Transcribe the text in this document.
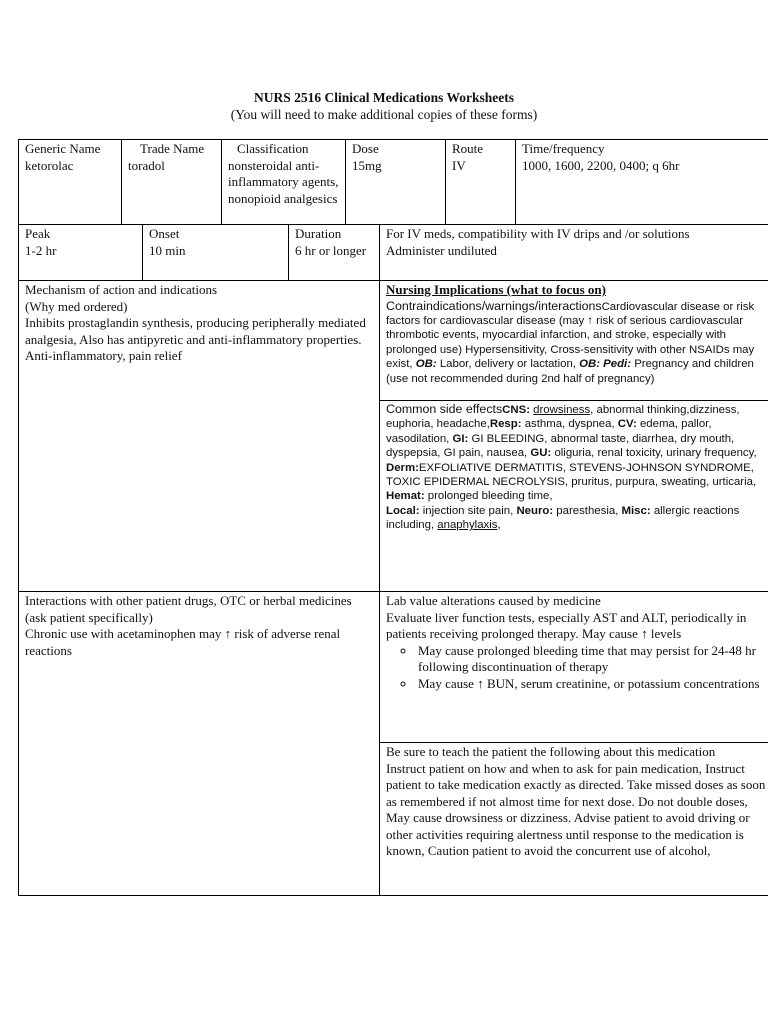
NURS 2516 Clinical Medications Worksheets
(You will need to make additional copies of these forms)
Generic Name
ketorolac
Trade Name
toradol
Classification
nonsteroidal anti-inflammatory agents, nonopioid analgesics
Dose
15mg
Route
IV
Time/frequency
1000, 1600, 2200, 0400; q 6hr
Peak
1-2 hr
Onset
10 min
Duration
6 hr or longer
For IV meds, compatibility with IV drips and /or solutions
Administer undiluted
Mechanism of action and indications
(Why med ordered)
Inhibits prostaglandin synthesis, producing peripherally mediated analgesia, Also has antipyretic and anti-inflammatory properties.
Anti-inflammatory, pain relief
Nursing Implications (what to focus on)
Contraindications/warnings/interactionsCardiovascular disease or risk factors for cardiovascular disease (may ↑ risk of serious cardiovascular thrombotic events, myocardial infarction, and stroke, especially with prolonged use) Hypersensitivity, Cross-sensitivity with other NSAIDs may exist, OB: Labor, delivery or lactation, OB: Pedi: Pregnancy and children (use not recommended during 2nd half of pregnancy)
Common side effectsCNS: drowsiness, abnormal thinking,dizziness, euphoria, headache,Resp: asthma, dyspnea, CV: edema, pallor, vasodilation, GI: GI BLEEDING, abnormal taste, diarrhea, dry mouth, dyspepsia, GI pain, nausea, GU: oliguria, renal toxicity, urinary frequency, Derm:EXFOLIATIVE DERMATITIS, STEVENS-JOHNSON SYNDROME, TOXIC EPIDERMAL NECROLYSIS, pruritus, purpura, sweating, urticaria,
Hemat: prolonged bleeding time,
Local: injection site pain, Neuro: paresthesia, Misc: allergic reactions including, anaphylaxis,
Interactions with other patient drugs, OTC or herbal medicines (ask patient specifically)
Chronic use with acetaminophen may ↑ risk of adverse renal reactions
Lab value alterations caused by medicine
Evaluate liver function tests, especially AST and ALT, periodically in patients receiving prolonged therapy. May cause ↑ levels
◦ May cause prolonged bleeding time that may persist for 24-48 hr following discontinuation of therapy
◦ May cause ↑ BUN, serum creatinine, or potassium concentrations
Be sure to teach the patient the following about this medication
Instruct patient on how and when to ask for pain medication, Instruct patient to take medication exactly as directed. Take missed doses as soon as remembered if not almost time for next dose. Do not double doses, May cause drowsiness or dizziness. Advise patient to avoid driving or other activities requiring alertness until response to the medication is known, Caution patient to avoid the concurrent use of alcohol,
